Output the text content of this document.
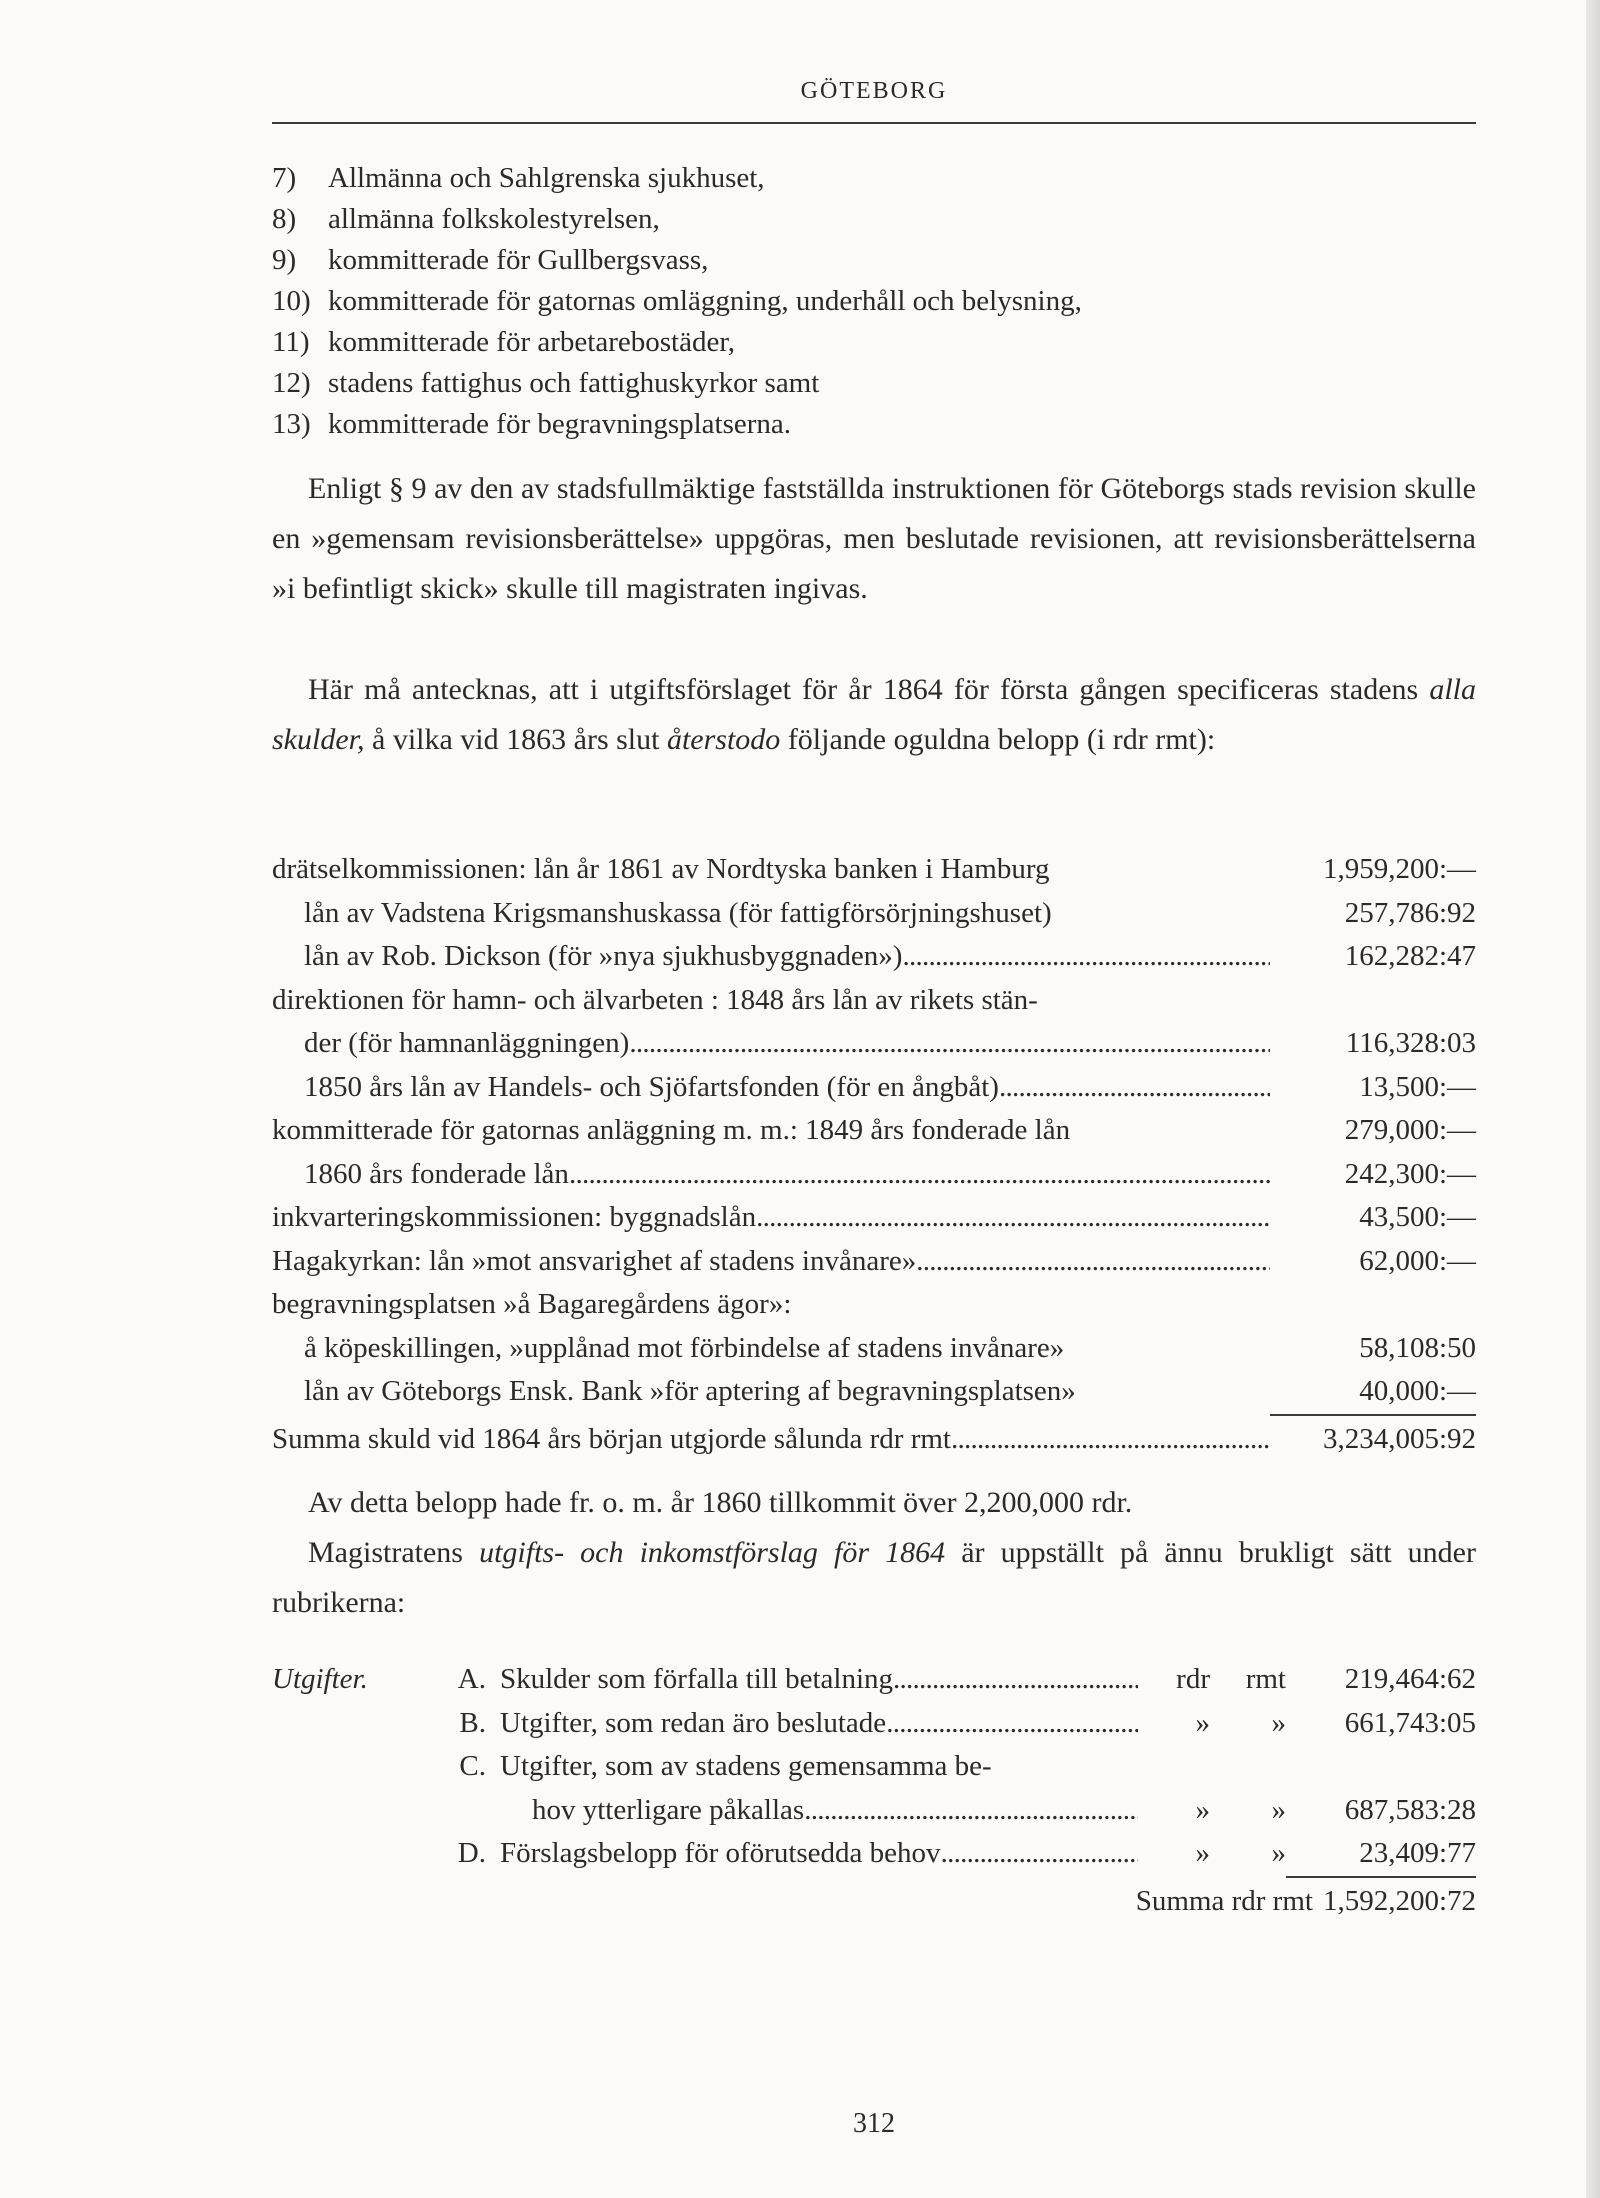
GÖTEBORG
7) Allmänna och Sahlgrenska sjukhuset,
8) allmänna folkskolestyrelsen,
9) kommitterade för Gullbergsvass,
10) kommitterade för gatornas omläggning, underhåll och belysning,
11) kommitterade för arbetarebostäder,
12) stadens fattighus och fattighuskyrkor samt
13) kommitterade för begravningsplatserna.

Enligt § 9 av den av stadsfullmäktige fastställda instruktionen för Göteborgs stads revision skulle en »gemensam revisionsberättelse» uppgöras, men beslutade revisionen, att revisionsberättelserna »i befintligt skick» skulle till magistraten ingivas.

Här må antecknas, att i utgiftsförslaget för år 1864 för första gången specificeras stadens alla skulder, å vilka vid 1863 års slut återstodo följande oguldna belopp (i rdr rmt):

drätselkommissionen: lån år 1861 av Nordtyska banken i Hamburg	1,959,200:—
lån av Vadstena Krigsmanshuskassa (för fattigförsörjningshuset)	257,786:92
lån av Rob. Dickson (för »nya sjukhusbyggnaden») . . .	162,282:47
direktionen för hamn- och älvarbeten : 1848 års lån av rikets stän-
der (för hamnanläggningen) . . .	116,328:03
1850 års lån av Handels- och Sjöfartsfonden (för en ångbåt) . . .	13,500:—
kommitterade för gatornas anläggning m. m.: 1849 års fonderade lån	279,000:—
1860 års fonderade lån . . .	242,300:—
inkvarteringskommissionen: byggnadslån . . .	43,500:—
Hagakyrkan: lån »mot ansvarighet af stadens invånare» . . .	62,000:—
begravningsplatsen »å Bagaregårdens ägor»:
å köpeskillingen, »upplånad mot förbindelse af stadens invånare»	58,108:50
lån av Göteborgs Ensk. Bank »för aptering af begravningsplatsen»	40,000:—
Summa skuld vid 1864 års början utgjorde sålunda rdr rmt . . .	3,234,005:92

Av detta belopp hade fr. o. m. år 1860 tillkommit över 2,200,000 rdr.

Magistratens utgifts- och inkomstförslag för 1864 är uppställt på ännu brukligt sätt under rubrikerna:

Utgifter.	A. Skulder som förfalla till betalning . . .	rdr	rmt	219,464:62
B. Utgifter, som redan äro beslutade . . .	»	»	661,743:05
C. Utgifter, som av stadens gemensamma be-
hov ytterligare påkallas . . .	»	»	687,583:28
D. Förslagsbelopp för oförutsedda behov . . .	»	»	23,409:77
Summa rdr rmt 1,592,200:72
312
